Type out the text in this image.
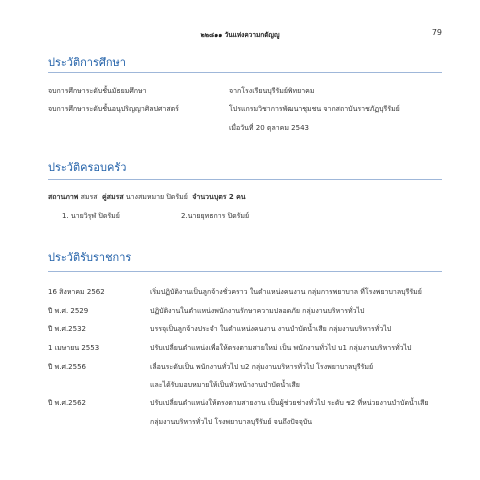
๒๒๘๑๑ วันแห่งความกตัญญู	79
ประวัติการศึกษา
จบการศึกษาระดับชั้นมัธยมศึกษา	จากโรงเรียนบุรีรัมย์พิทยาคม
จบการศึกษาระดับชั้นอนุปริญญาศิลปศาสตร์	โปรแกรมวิชาการพัฒนาชุมชน จากสถาบันราชภัฏบุรีรัมย์
เมื่อวันที่ 20 ตุลาคม 2543
ประวัติครอบครัว
สถานภาพ สมรส คู่สมรส นางสมหมาย ปิดรัมย์ จำนวนบุตร 2 คน
1. นายวิรุฬ ปิดรัมย์	2.นายยุทธการ ปิดรัมย์
ประวัติรับราชการ
16 สิงหาคม 2562	เริ่มปฏิบัติงานเป็นลูกจ้างชั่วคราว ในตำแหน่งคนงาน กลุ่มการพยาบาล ที่โรงพยาบาลบุรีรัมย์
ปี พ.ศ. 2529	ปฏิบัติงานในตำแหน่งพนักงานรักษาความปลอดภัย กลุ่มงานบริหารทั่วไป
ปี พ.ศ.2532	บรรจุเป็นลูกจ้างประจำ ในตำแหน่งคนงาน งานบำบัดน้ำเสีย กลุ่มงานบริหารทั่วไป
1 เมษายน 2553	ปรับเปลี่ยนตำแหน่งเพื่อให้ตรงตามสายใหม่ เป็น พนักงานทั่วไป บ1 กลุ่มงานบริหารทั่วไป
ปี พ.ศ.2556	เลื่อนระดับเป็น พนักงานทั่วไป บ2 กลุ่มงานบริหารทั่วไป โรงพยาบาลบุรีรัมย์
และได้รับมอบหมายให้เป็นหัวหน้างานบำบัดน้ำเสีย
ปี พ.ศ.2562	ปรับเปลี่ยนตำแหน่งให้ตรงตามสายงาน เป็นผู้ช่วยช่างทั่วไป ระดับ ช2 ที่หน่วยงานบำบัดน้ำเสีย
กลุ่มงานบริหารทั่วไป โรงพยาบาลบุรีรัมย์ จนถึงปัจจุบัน
